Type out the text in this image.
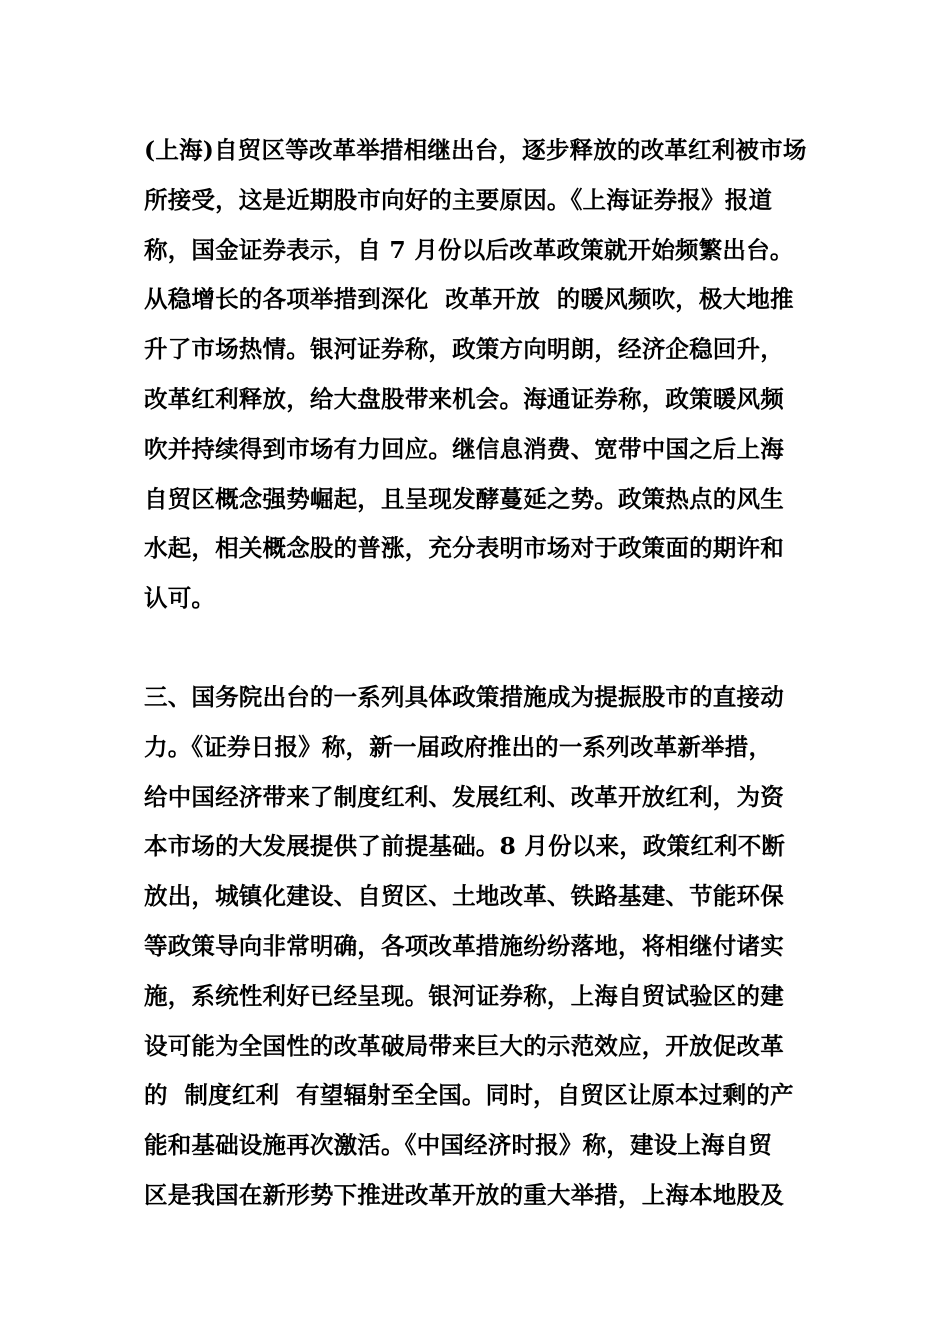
(上海)自贸区等改革举措相继出台，逐步释放的改革红利被市场
所接受，这是近期股市向好的主要原因。《上海证券报》报道
称，国金证券表示，自 7 月份以后改革政策就开始频繁出台。
从稳增长的各项举措到深化  改革开放  的暖风频吹，极大地推
升了市场热情。银河证券称，政策方向明朗，经济企稳回升，
改革红利释放，给大盘股带来机会。海通证券称，政策暖风频
吹并持续得到市场有力回应。继信息消费、宽带中国之后上海
自贸区概念强势崛起，且呈现发酵蔓延之势。政策热点的风生
水起，相关概念股的普涨，充分表明市场对于政策面的期许和
认可。
三、国务院出台的一系列具体政策措施成为提振股市的直接动
力。《证券日报》称，新一届政府推出的一系列改革新举措，
给中国经济带来了制度红利、发展红利、改革开放红利，为资
本市场的大发展提供了前提基础。8 月份以来，政策红利不断
放出，城镇化建设、自贸区、土地改革、铁路基建、节能环保
等政策导向非常明确，各项改革措施纷纷落地，将相继付诸实
施，系统性利好已经呈现。银河证券称，上海自贸试验区的建
设可能为全国性的改革破局带来巨大的示范效应，开放促改革
的  制度红利  有望辐射至全国。同时，自贸区让原本过剩的产
能和基础设施再次激活。《中国经济时报》称，建设上海自贸
区是我国在新形势下推进改革开放的重大举措，上海本地股及
